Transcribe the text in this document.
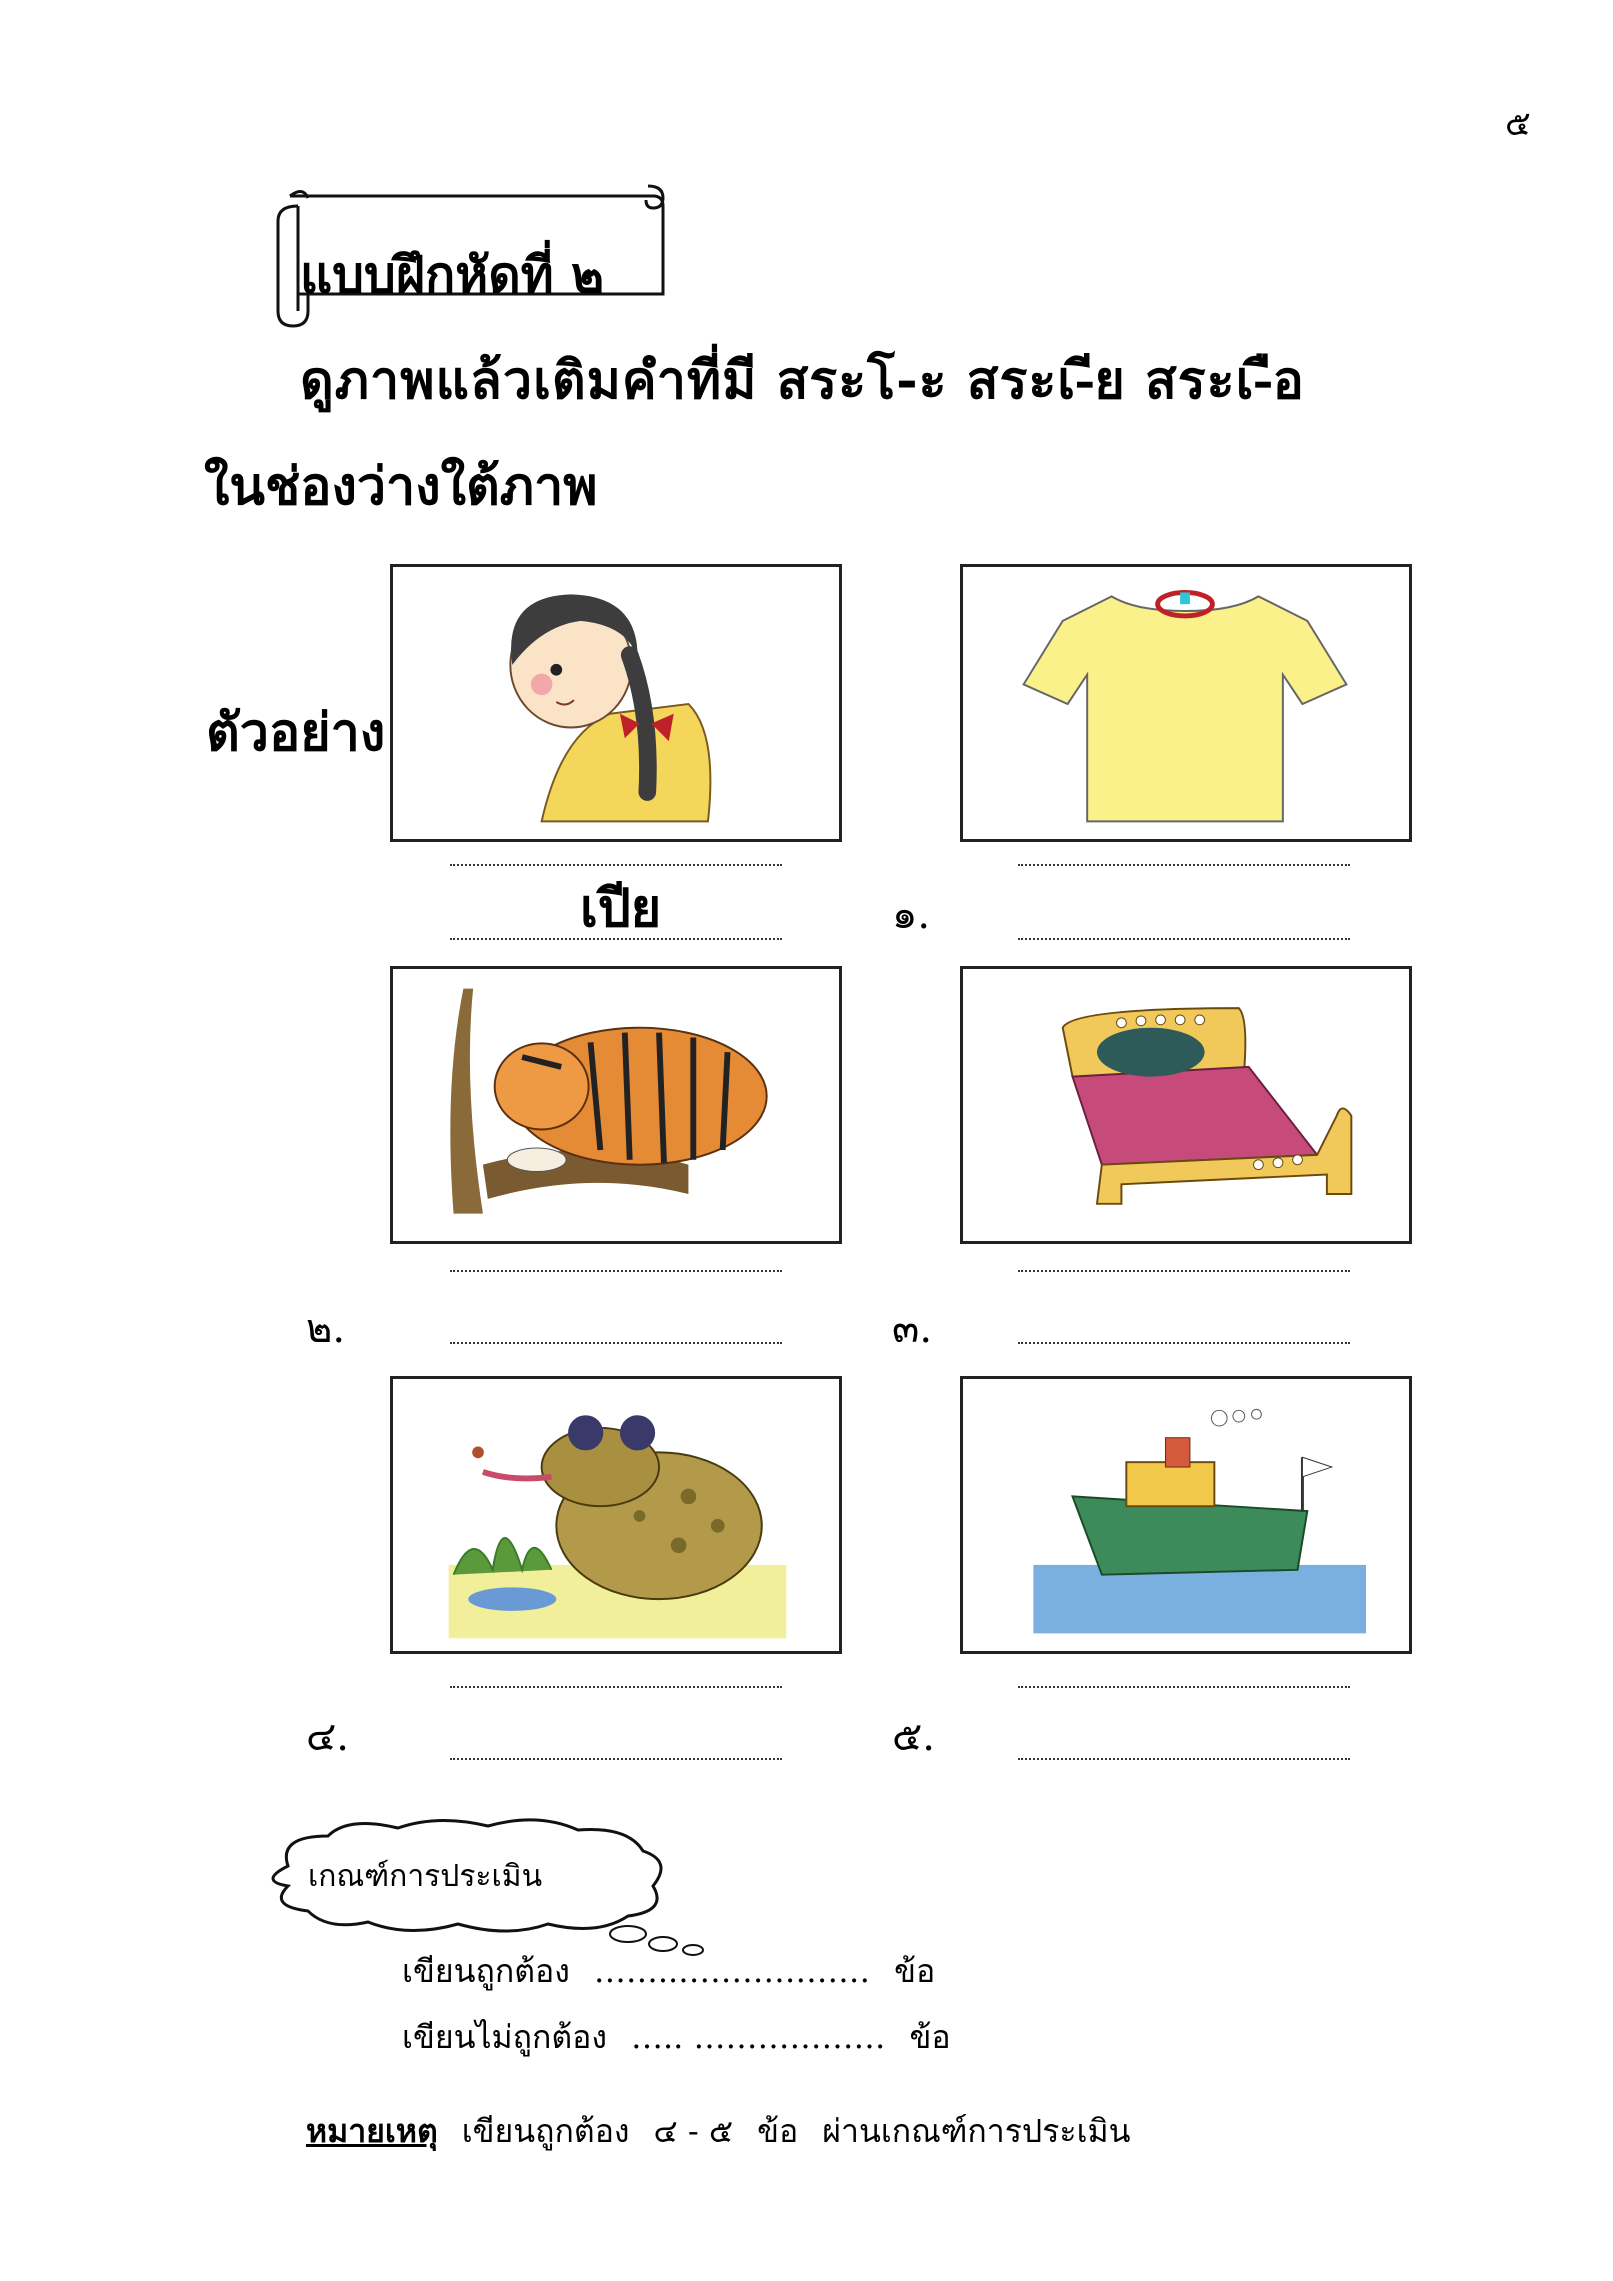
๕
แบบฝึกหัดที่ ๒
ดูภาพแล้วเติมคำที่มี สระโ-ะ สระเ-ีย สระเ-ือ
ในช่องว่างใต้ภาพ
ตัวอย่าง
เปีย	๑.
๒.	๓.
๔.	๕.
เกณฑ์การประเมิน
เขียนถูกต้อง ……..……………… ข้อ
เขียนไม่ถูกต้อง ….. ……………… ข้อ
หมายเหตุ เขียนถูกต้อง ๔ - ๕ ข้อ ผ่านเกณฑ์การประเมิน
